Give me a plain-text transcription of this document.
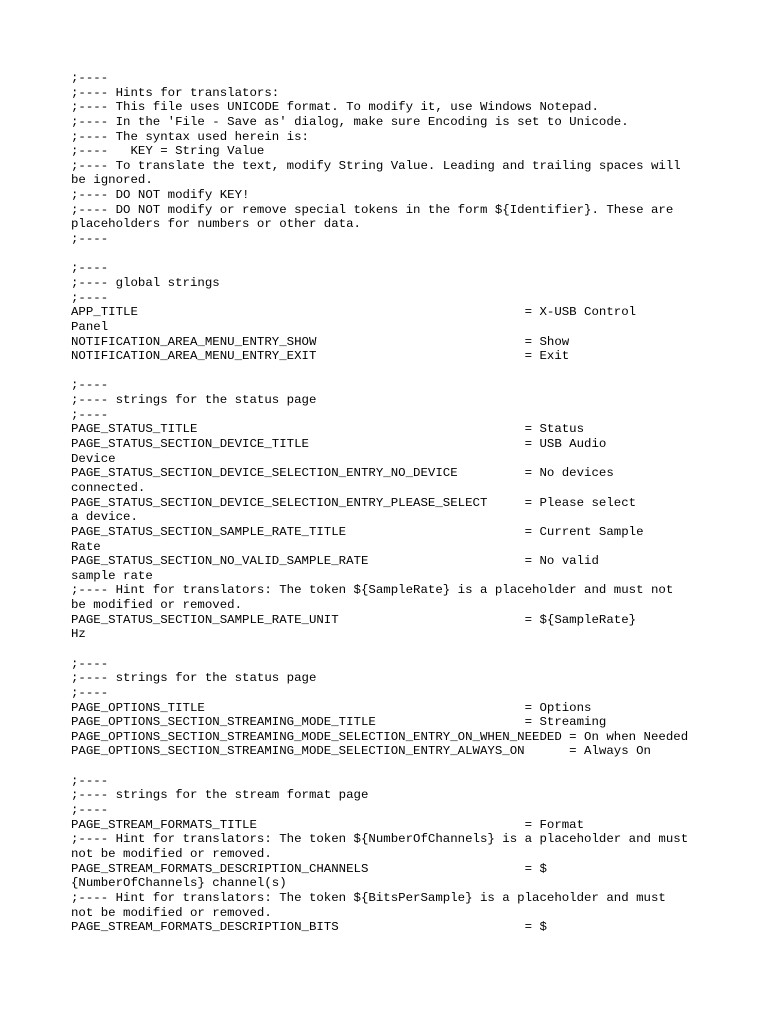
;----
;---- Hints for translators:
;---- This file uses UNICODE format. To modify it, use Windows Notepad.
;---- In the 'File - Save as' dialog, make sure Encoding is set to Unicode.
;---- The syntax used herein is:
;----   KEY = String Value
;---- To translate the text, modify String Value. Leading and trailing spaces will
be ignored.
;---- DO NOT modify KEY!
;---- DO NOT modify or remove special tokens in the form ${Identifier}. These are
placeholders for numbers or other data.
;----
;----
;---- global strings
;----
APP_TITLE                                                    = X-USB Control
Panel
NOTIFICATION_AREA_MENU_ENTRY_SHOW                            = Show
NOTIFICATION_AREA_MENU_ENTRY_EXIT                            = Exit
;----
;---- strings for the status page
;----
PAGE_STATUS_TITLE                                            = Status
PAGE_STATUS_SECTION_DEVICE_TITLE                             = USB Audio
Device
PAGE_STATUS_SECTION_DEVICE_SELECTION_ENTRY_NO_DEVICE         = No devices
connected.
PAGE_STATUS_SECTION_DEVICE_SELECTION_ENTRY_PLEASE_SELECT     = Please select
a device.
PAGE_STATUS_SECTION_SAMPLE_RATE_TITLE                        = Current Sample
Rate
PAGE_STATUS_SECTION_NO_VALID_SAMPLE_RATE                     = No valid
sample rate
;---- Hint for translators: The token ${SampleRate} is a placeholder and must not
be modified or removed.
PAGE_STATUS_SECTION_SAMPLE_RATE_UNIT                         = ${SampleRate}
Hz
;----
;---- strings for the status page
;----
PAGE_OPTIONS_TITLE                                           = Options
PAGE_OPTIONS_SECTION_STREAMING_MODE_TITLE                    = Streaming
PAGE_OPTIONS_SECTION_STREAMING_MODE_SELECTION_ENTRY_ON_WHEN_NEEDED = On when Needed
PAGE_OPTIONS_SECTION_STREAMING_MODE_SELECTION_ENTRY_ALWAYS_ON      = Always On
;----
;---- strings for the stream format page
;----
PAGE_STREAM_FORMATS_TITLE                                    = Format
;---- Hint for translators: The token ${NumberOfChannels} is a placeholder and must
not be modified or removed.
PAGE_STREAM_FORMATS_DESCRIPTION_CHANNELS                     = $
{NumberOfChannels} channel(s)
;---- Hint for translators: The token ${BitsPerSample} is a placeholder and must
not be modified or removed.
PAGE_STREAM_FORMATS_DESCRIPTION_BITS                         = $
